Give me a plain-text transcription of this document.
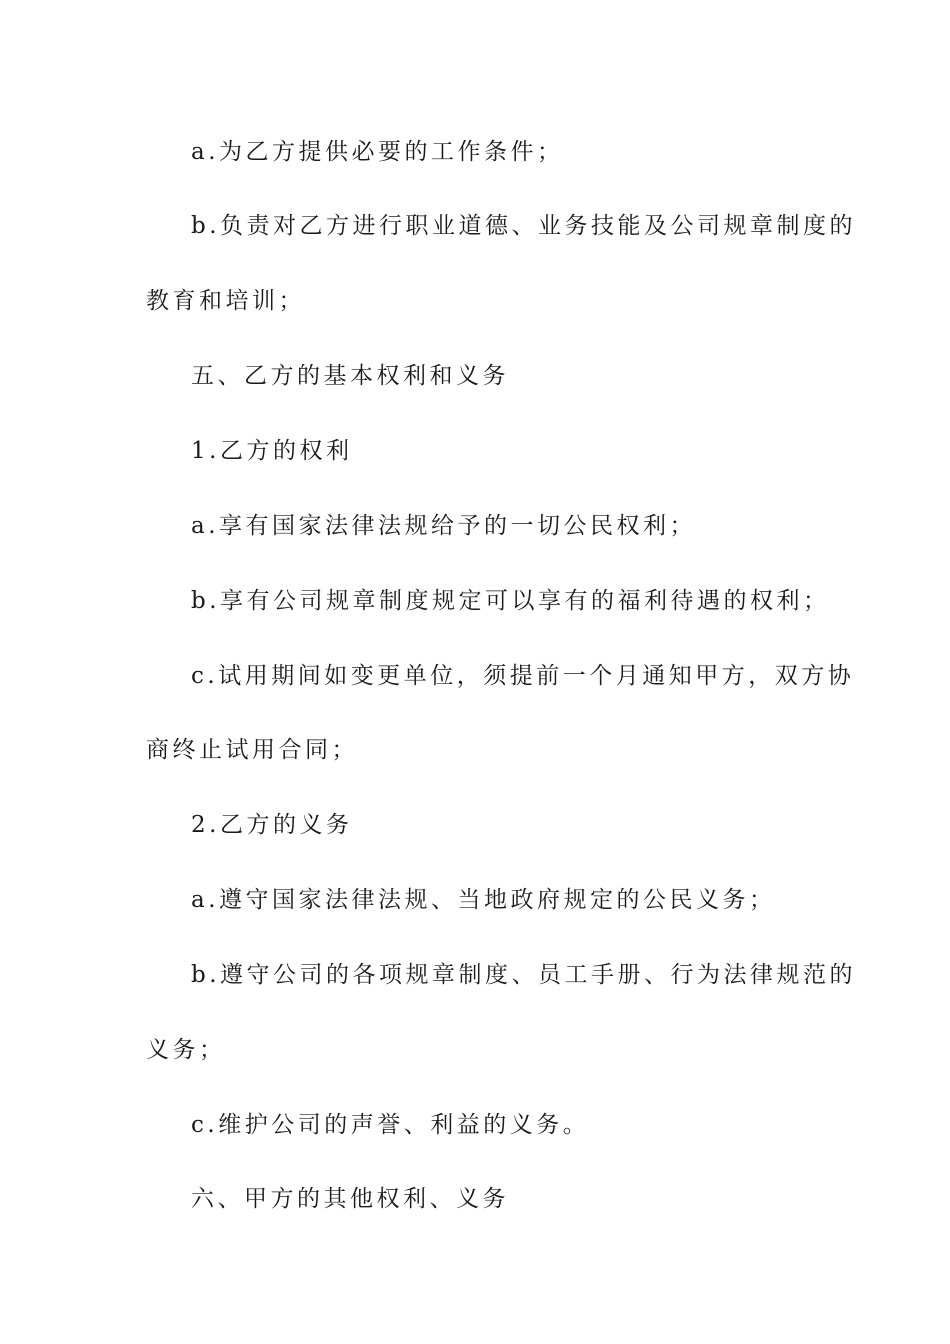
a.为乙方提供必要的工作条件；
b.负责对乙方进行职业道德、业务技能及公司规章制度的
教育和培训；
五、乙方的基本权利和义务
1.乙方的权利
a.享有国家法律法规给予的一切公民权利；
b.享有公司规章制度规定可以享有的福利待遇的权利；
c.试用期间如变更单位，须提前一个月通知甲方，双方协
商终止试用合同；
2.乙方的义务
a.遵守国家法律法规、当地政府规定的公民义务；
b.遵守公司的各项规章制度、员工手册、行为法律规范的
义务；
c.维护公司的声誉、利益的义务。
六、甲方的其他权利、义务
